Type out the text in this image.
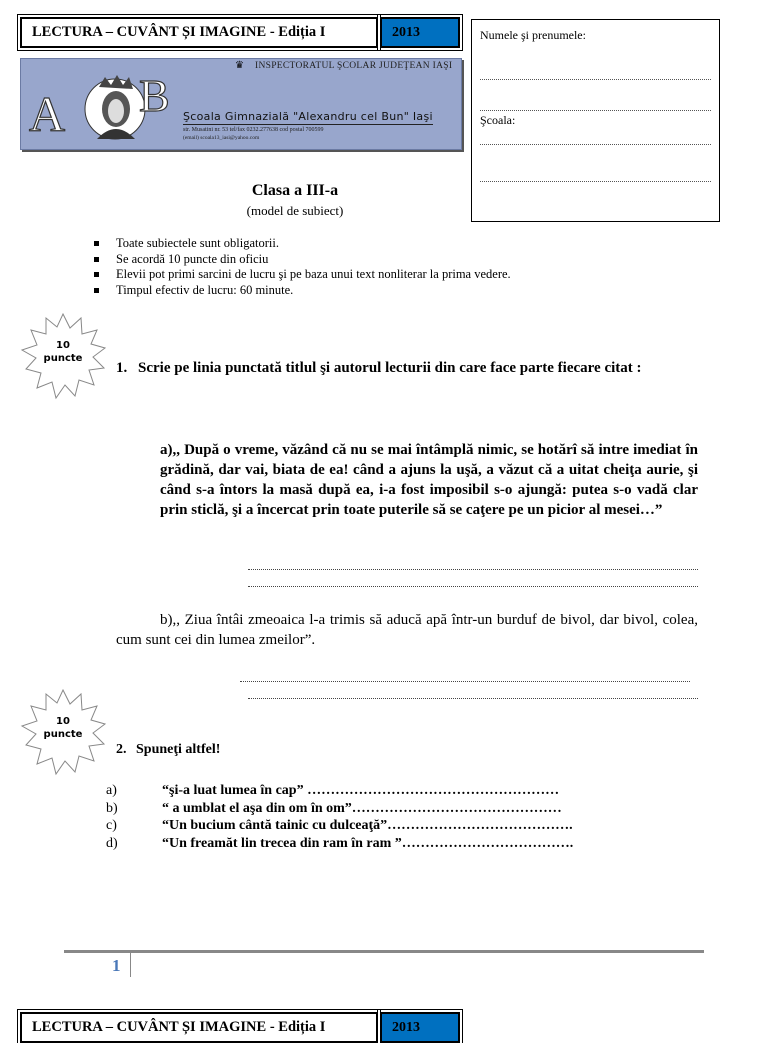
LECTURA – CUVÂNT ȘI IMAGINE - Ediția I	2013
A B
♛ INSPECTORATUL ŞCOLAR JUDEŢEAN IAŞI
Şcoala Gimnazială "Alexandru cel Bun" Iaşi
str. Musatini nr. 53 tel/fax 0232.277638 cod postal 700599
(email) scoala13_iasi@yahoo.com
Numele şi prenumele:
Şcoala:
Clasa a III-a
(model de subiect)
Toate subiectele sunt obligatorii.
Se acordă 10 puncte din oficiu
Elevii pot primi sarcini de lucru şi pe baza unui text nonliterar la prima vedere.
Timpul efectiv de lucru: 60 minute.
10
puncte
1. Scrie pe linia punctată titlul şi autorul lecturii din care face parte fiecare citat :
a),, După o vreme, văzând că nu se mai întâmplă nimic, se hotărî să intre imediat în grădină, dar vai, biata de ea! când a ajuns la uşă, a văzut că a uitat cheiţa aurie, şi când s-a întors la masă după ea, i-a fost imposibil s-o ajungă: putea s-o vadă clar prin sticlă, şi a încercat prin toate puterile să se caţere pe un picior al mesei…”
b),, Ziua întâi zmeoaica l-a trimis să aducă apă într-un burduf de bivol, dar bivol, colea, cum sunt cei din lumea zmeilor”.
10
puncte
2. Spuneţi altfel!
a)	“şi-a luat lumea în cap” ………………………………………………
b)	“ a umblat el aşa din om în om”………………………………………
c)	“Un bucium cântă tainic cu dulceaţă”………………………………….
d)	“Un freamăt lin trecea din ram în ram ”……………………………….
1
LECTURA – CUVÂNT ȘI IMAGINE - Ediția I	2013
